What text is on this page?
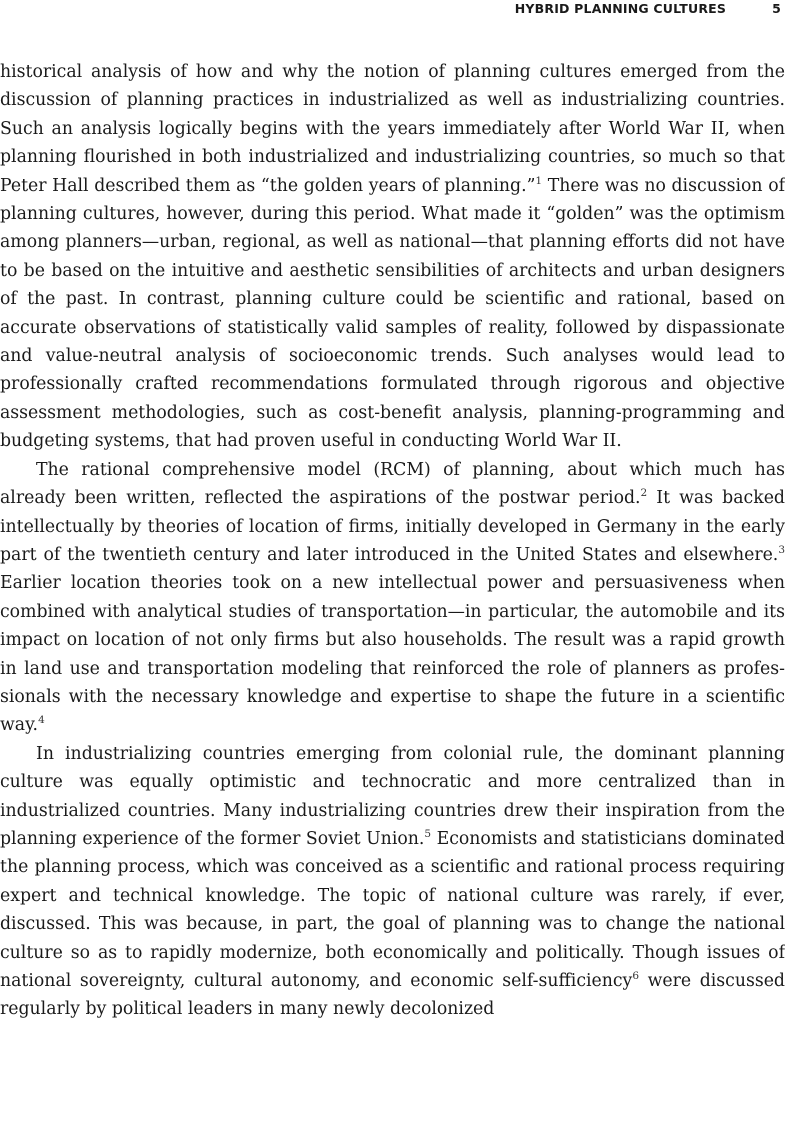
HYBRID PLANNING CULTURES	5

historical analysis of how and why the notion of planning cultures emerged from the discussion of planning practices in industrialized as well as industrializing countries. Such an analysis logically begins with the years immediately after World War II, when planning flourished in both industrialized and industrializing countries, so much so that Peter Hall described them as “the golden years of planning.”$^1$ There was no discussion of planning cultures, however, during this period. What made it “golden” was the optimism among planners—urban, regional, as well as national—that planning efforts did not have to be based on the intuitive and aesthetic sensibilities of architects and urban designers of the past. In contrast, planning culture could be scientific and rational, based on accurate observations of statistically valid samples of reality, followed by dispassionate and value-neutral analysis of socioeconomic trends. Such analyses would lead to professionally crafted recommendations formulated through rigorous and objective assessment methodologies, such as cost-benefit analysis, planning-programming and budgeting systems, that had proven useful in conducting World War II.

The rational comprehensive model (RCM) of planning, about which much has already been written, reflected the aspirations of the postwar period.$^2$ It was backed intellectually by theories of location of firms, initially developed in Germany in the early part of the twentieth century and later introduced in the United States and elsewhere.$^3$ Earlier location theories took on a new intellectual power and persuasiveness when combined with analytical studies of transportation—in particular, the automobile and its impact on location of not only firms but also households. The result was a rapid growth in land use and transportation modeling that reinforced the role of planners as professionals with the necessary knowledge and expertise to shape the future in a scientific way.$^4$

In industrializing countries emerging from colonial rule, the dominant planning culture was equally optimistic and technocratic and more centralized than in industrialized countries. Many industrializing countries drew their inspiration from the planning experience of the former Soviet Union.$^5$ Economists and statisticians dominated the planning process, which was conceived as a scientific and rational process requiring expert and technical knowledge. The topic of national culture was rarely, if ever, discussed. This was because, in part, the goal of planning was to change the national culture so as to rapidly modernize, both economically and politically. Though issues of national sovereignty, cultural autonomy, and economic self-sufficiency$^6$ were discussed regularly by political leaders in many newly decolonized
